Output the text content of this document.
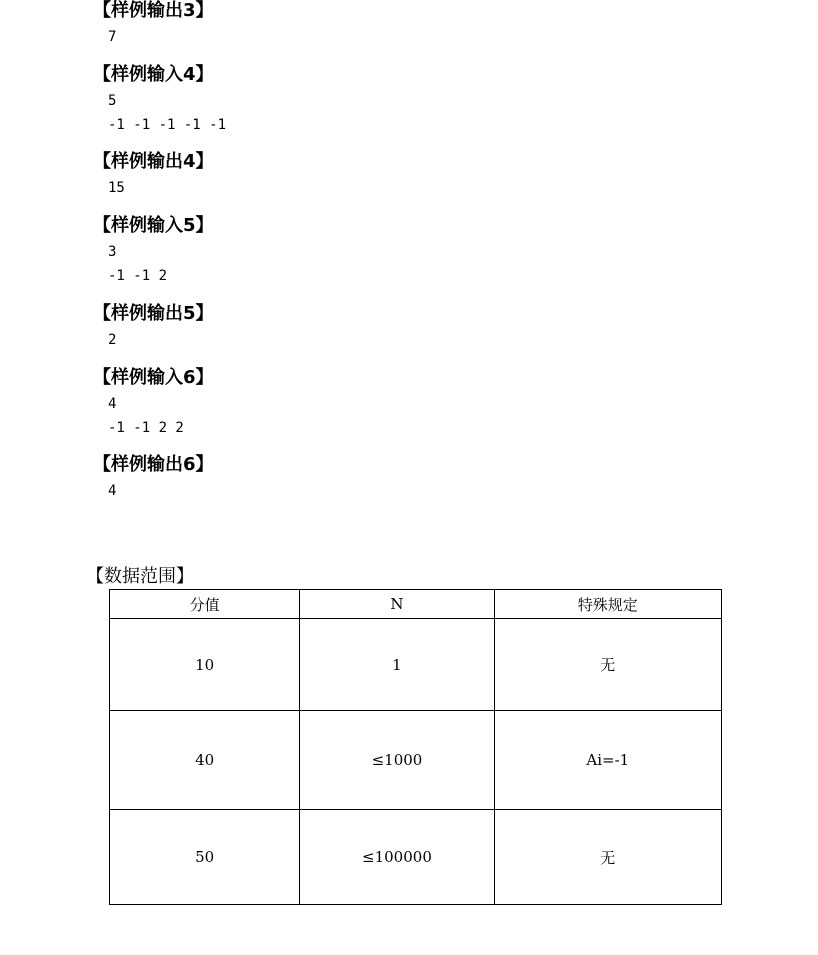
【样例输出3】
7
【样例输入4】
5
-1 -1 -1 -1 -1
【样例输出4】
15
【样例输入5】
3
-1 -1 2
【样例输出5】
2
【样例输入6】
4
-1 -1 2 2
【样例输出6】
4
【数据范围】
分值	N	特殊规定
10	1	无
40	≤1000	Ai=-1
50	≤100000	无
